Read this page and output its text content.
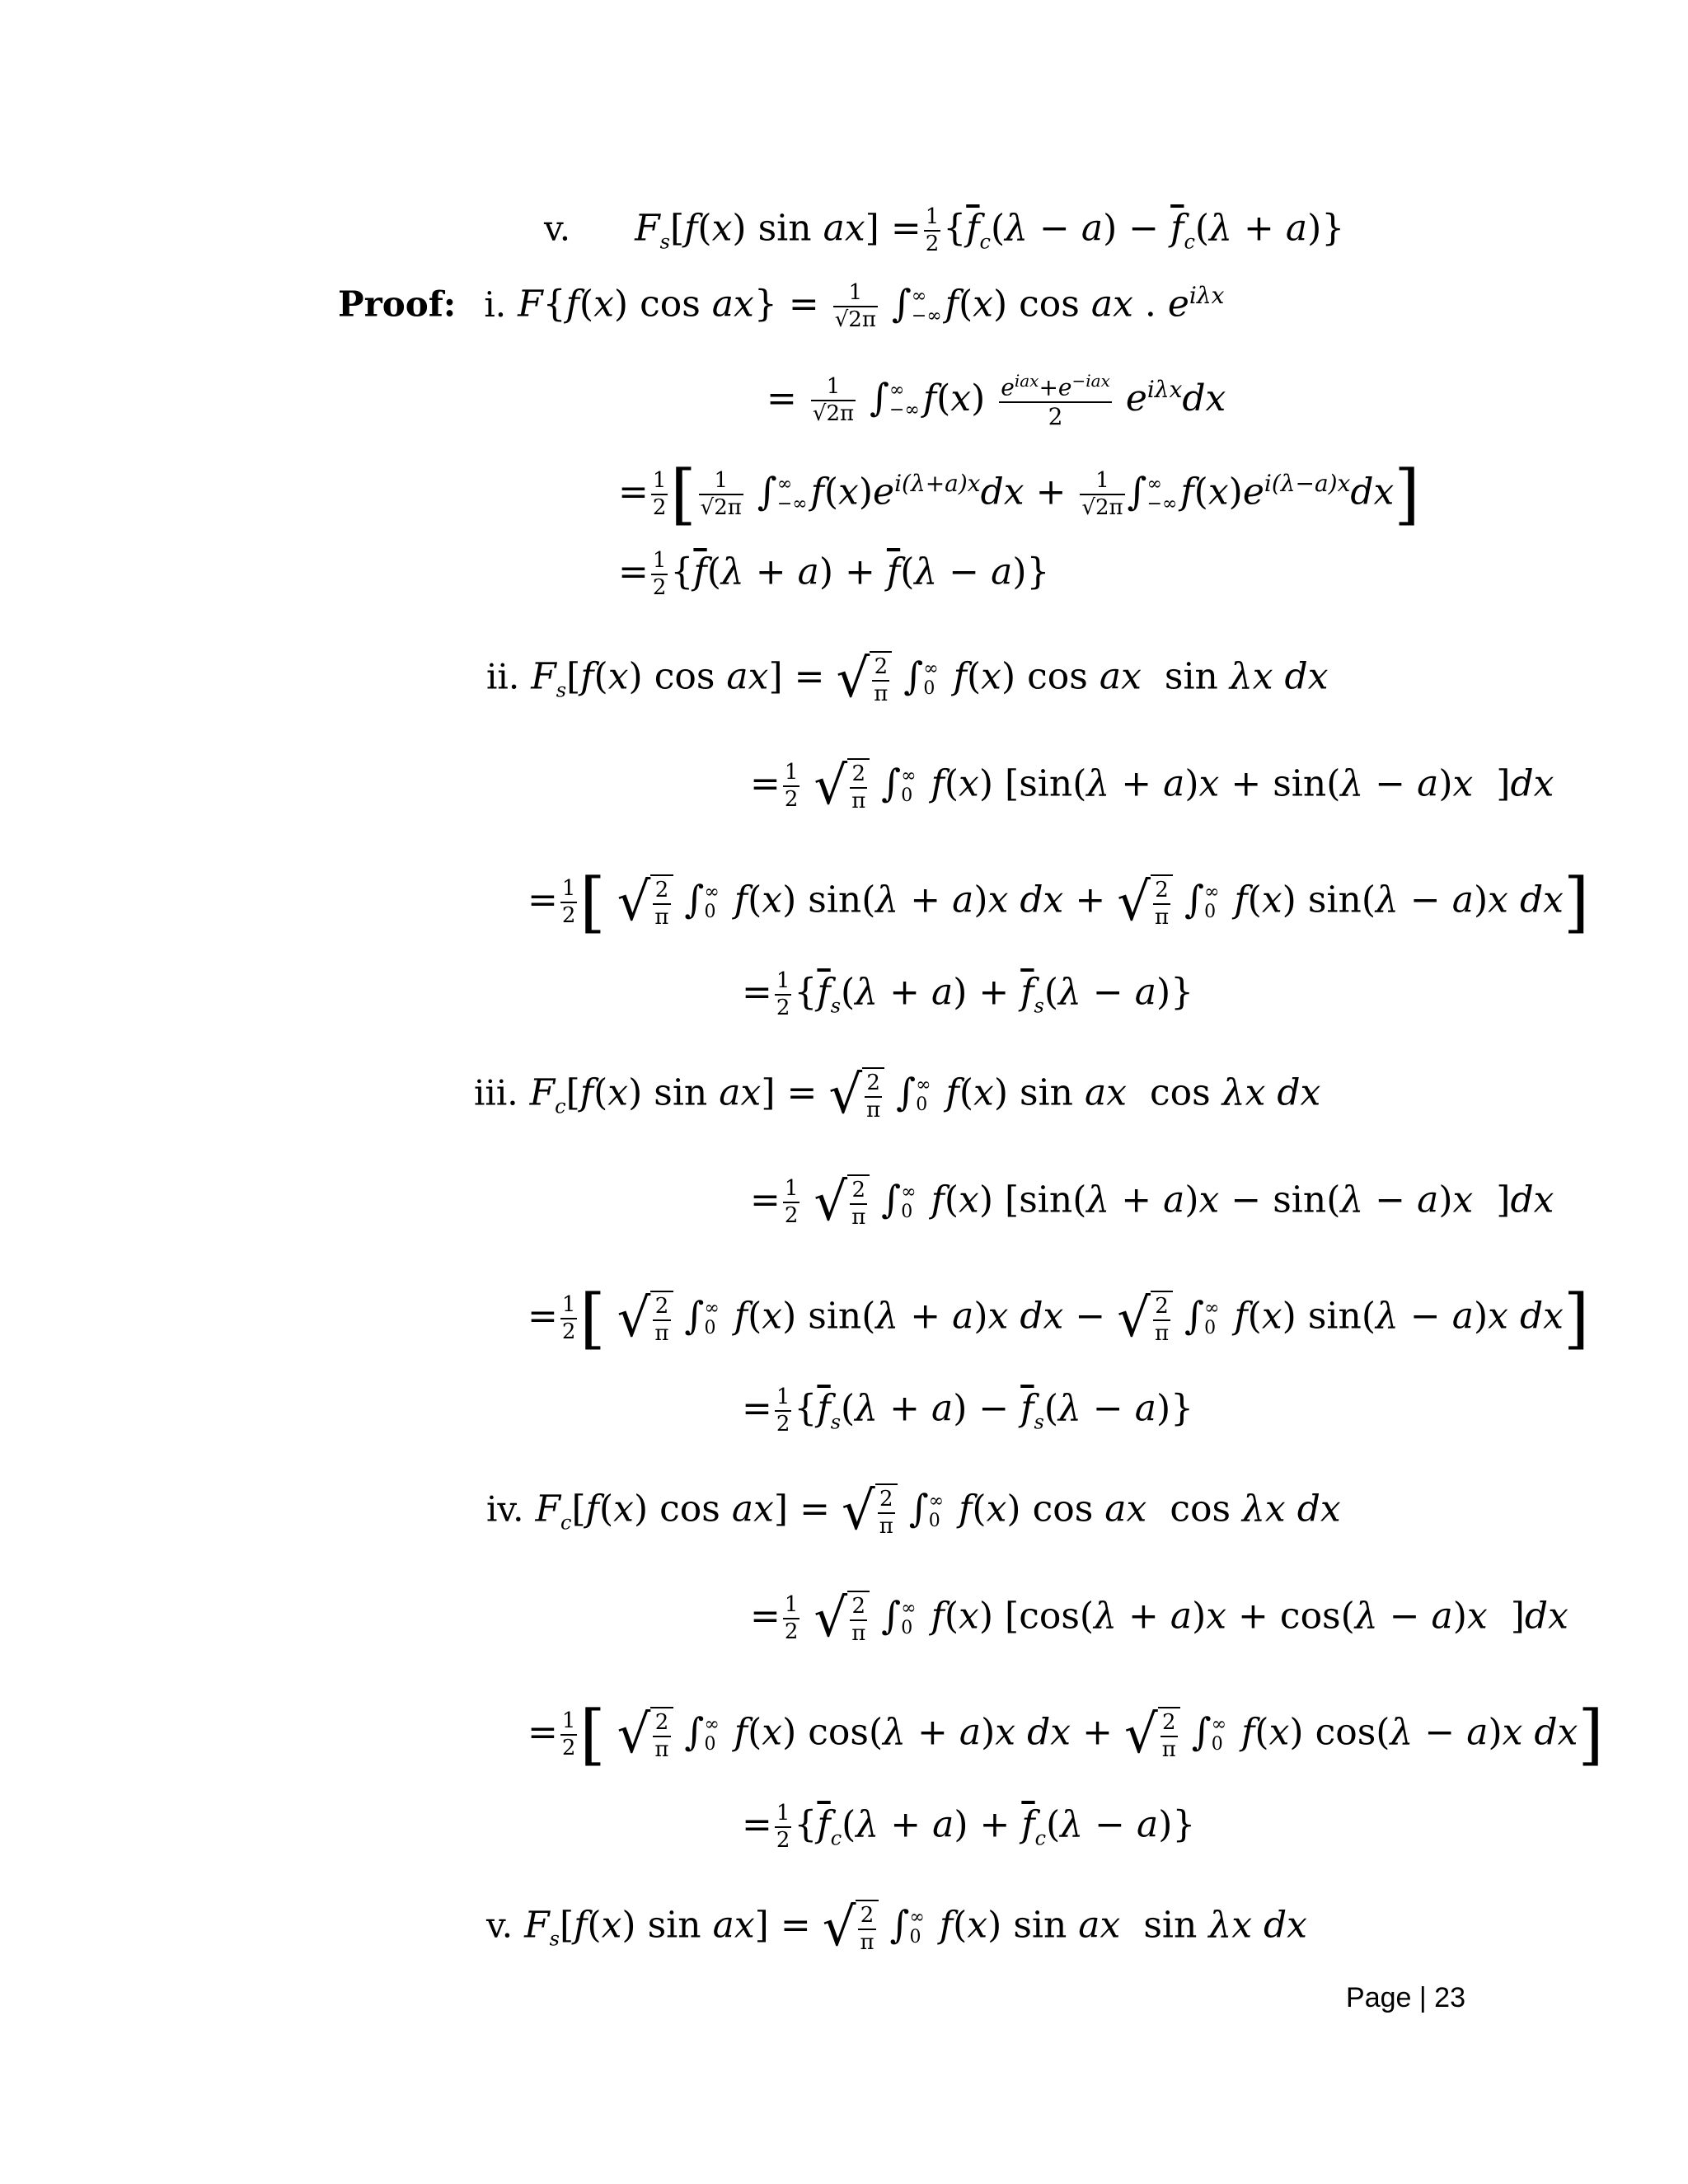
v.  $F_s[f(x)$ $\sin ax] = \frac{1}{2} \{\overline{f}_c(\lambda - a) - \overline{f}_c(\lambda + a)\}$
Proof: i. F{f(x) $\cos ax\} = \frac{1}{√2\pi}$ ∫ ∞
−∞ f(x) cos ax . $e^{i\lambda x}$
= $\frac{1}{√2\pi}$ ∫ ∞
−∞ $f(x) \frac{e^{iax}+e^{-iax}}{2} e^{i\lambda x}dx$
= $\frac{1}{2}$ [ $\frac{1}{√2\pi}$ ∫ ∞
−∞ $f(x)e^{i(\lambda+a)x}dx + \frac{1}{√2\pi}$ ∫ ∞
−∞ $f(x)e^{i(\lambda-a)x}dx$]
= $\frac{1}{2} \{\overline{f}(\lambda + a) + \overline{f}(\lambda - a)\}$
ii. $F_s[f(x)$ cos ax] = √ $\frac{2}{\pi}$ ∫ ∞
0 f(x) cos ax  sin λx dx
= $\frac{1}{2}$ √ $\frac{2}{\pi}$ ∫ ∞
0 f(x) [sin(λ + a)x + sin(λ − a)x  ]dx
= $\frac{1}{2}$ [ √ $\frac{2}{\pi}$ ∫ ∞
0 f(x) sin(λ + a)x dx + √ $\frac{2}{\pi}$ ∫ ∞
0 f(x) sin(λ − a)x dx]
= $\frac{1}{2} \{\overline{f}_s(\lambda + a) + \overline{f}_s(\lambda - a)\}$
iii. $F_c[f(x)$ sin ax] = √ $\frac{2}{\pi}$ ∫ ∞
0 f(x) sin ax  cos λx dx
= $\frac{1}{2}$ √ $\frac{2}{\pi}$ ∫ ∞
0 f(x) [sin(λ + a)x − sin(λ − a)x  ]dx
= $\frac{1}{2}$ [ √ $\frac{2}{\pi}$ ∫ ∞
0 f(x) sin(λ + a)x dx − √ $\frac{2}{\pi}$ ∫ ∞
0 f(x) sin(λ − a)x dx]
= $\frac{1}{2} \{\overline{f}_s(\lambda + a) - \overline{f}_s(\lambda - a)\}$
iv. $F_c[f(x)$ cos ax] = √ $\frac{2}{\pi}$ ∫ ∞
0 f(x) cos ax  cos λx dx
= $\frac{1}{2}$ √ $\frac{2}{\pi}$ ∫ ∞
0 f(x) [cos(λ + a)x + cos(λ − a)x  ]dx
= $\frac{1}{2}$ [ √ $\frac{2}{\pi}$ ∫ ∞
0 f(x) cos(λ + a)x dx + √ $\frac{2}{\pi}$ ∫ ∞
0 f(x) cos(λ − a)x dx]
= $\frac{1}{2} \{\overline{f}_c(\lambda + a) + \overline{f}_c(\lambda - a)\}$
v. $F_s[f(x)$ sin ax] = √ $\frac{2}{\pi}$ ∫ ∞
0 f(x) sin ax  sin λx dx
Page | 23
